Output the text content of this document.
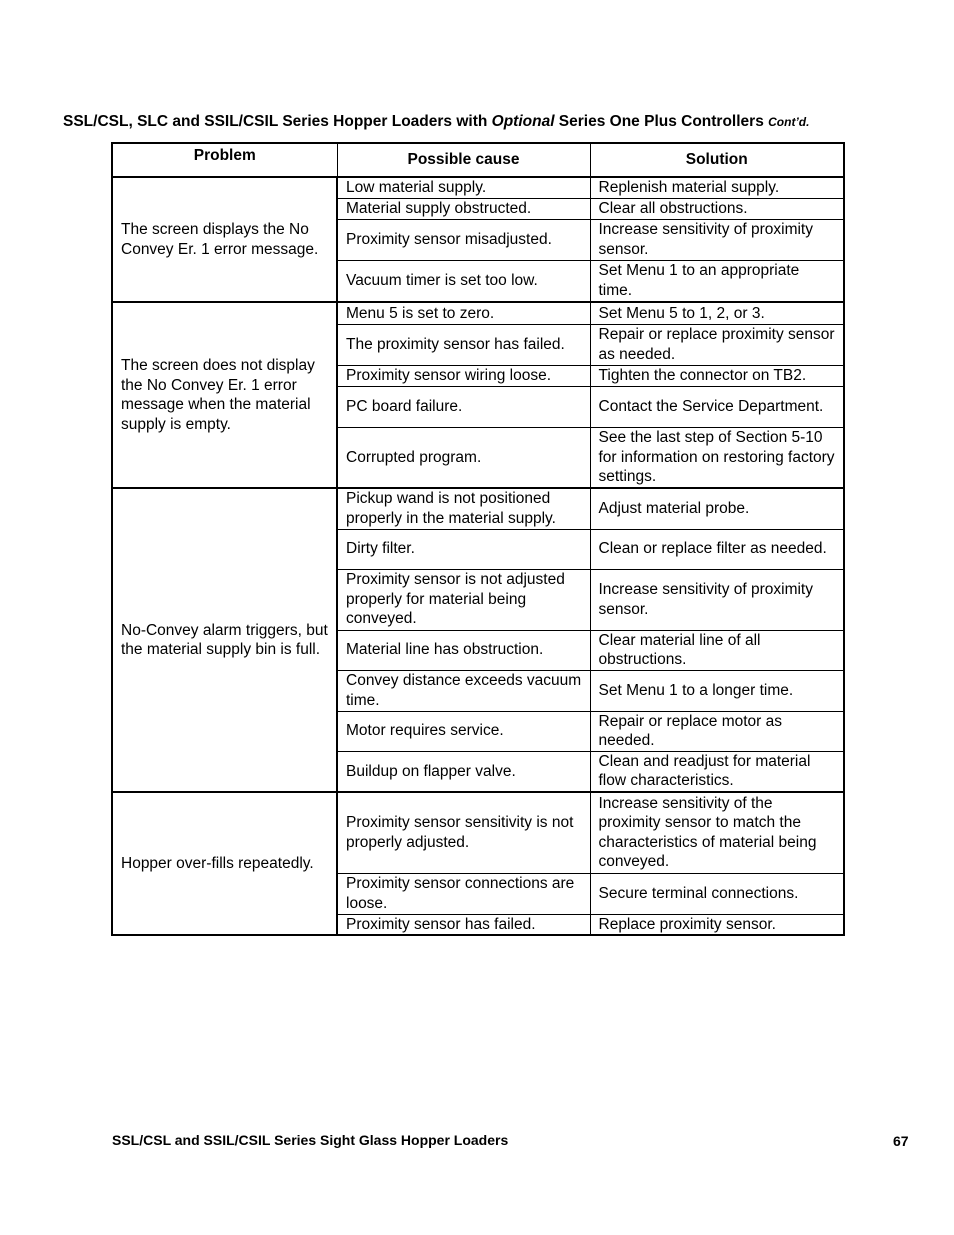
SSL/CSL, SLC and SSIL/CSIL Series Hopper Loaders with Optional Series One Plus Controllers Cont’d.
Problem	Possible cause	Solution
The screen displays the No Convey Er. 1 error message.	Low material supply.	Replenish material supply.
	Material supply obstructed.	Clear all obstructions.
	Proximity sensor misadjusted.	Increase sensitivity of proximity sensor.
	Vacuum timer is set too low.	Set Menu 1 to an appropriate time.
The screen does not display the No Convey Er. 1 error message when the material supply is empty.	Menu 5 is set to zero.	Set Menu 5 to 1, 2, or 3.
	The proximity sensor has failed.	Repair or replace proximity sensor as needed.
	Proximity sensor wiring loose.	Tighten the connector on TB2.
	PC board failure.	Contact the Service Department.
	Corrupted program.	See the last step of Section 5-10 for information on restoring factory settings.
No-Convey alarm triggers, but the material supply bin is full.	Pickup wand is not positioned properly in the material supply.	Adjust material probe.
	Dirty filter.	Clean or replace filter as needed.
	Proximity sensor is not adjusted properly for material being conveyed.	Increase sensitivity of proximity sensor.
	Material line has obstruction.	Clear material line of all obstructions.
	Convey distance exceeds vacuum time.	Set Menu 1 to a longer time.
	Motor requires service.	Repair or replace motor as needed.
	Buildup on flapper valve.	Clean and readjust for material flow characteristics.
Hopper over-fills repeatedly.	Proximity sensor sensitivity is not properly adjusted.	Increase sensitivity of the proximity sensor to match the characteristics of material being conveyed.
	Proximity sensor connections are loose.	Secure terminal connections.
	Proximity sensor has failed.	Replace proximity sensor.
SSL/CSL and SSIL/CSIL Series Sight Glass Hopper Loaders	67
